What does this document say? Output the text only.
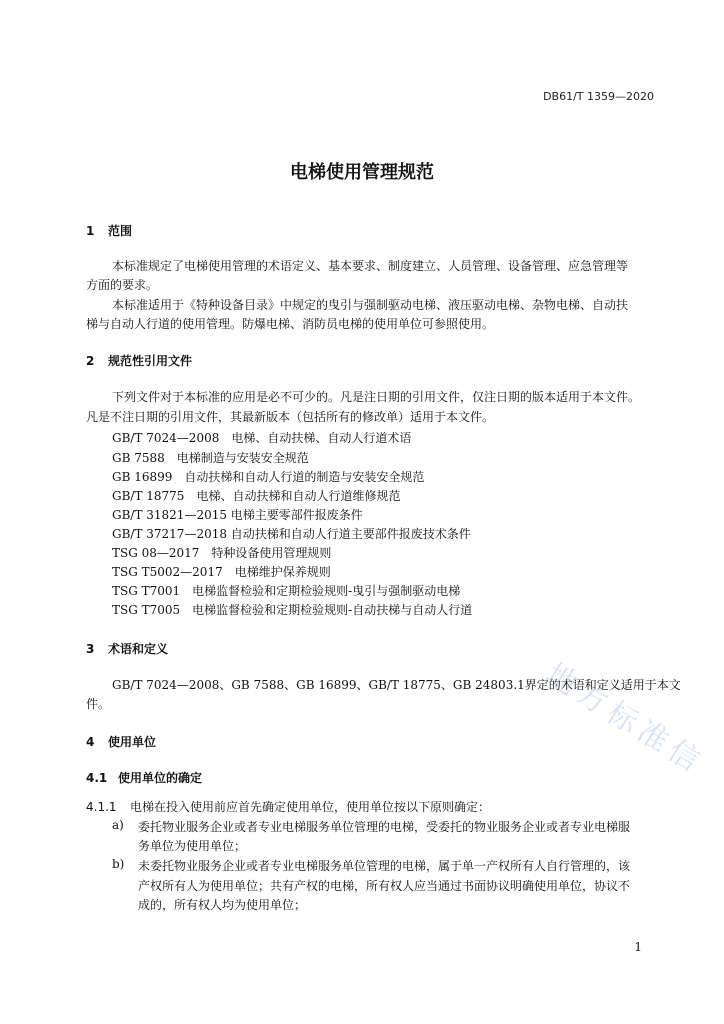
DB61/T 1359—2020
电梯使用管理规范
1 范围
本标准规定了电梯使用管理的术语定义、基本要求、制度建立、人员管理、设备管理、应急管理等
方面的要求。
本标准适用于《特种设备目录》中规定的曳引与强制驱动电梯、液压驱动电梯、杂物电梯、自动扶
梯与自动人行道的使用管理。防爆电梯、消防员电梯的使用单位可参照使用。
2 规范性引用文件
下列文件对于本标准的应用是必不可少的。凡是注日期的引用文件，仅注日期的版本适用于本文件。
凡是不注日期的引用文件，其最新版本（包括所有的修改单）适用于本文件。
GB/T 7024—2008　电梯、自动扶梯、自动人行道术语
GB 7588　电梯制造与安装安全规范
GB 16899　自动扶梯和自动人行道的制造与安装安全规范
GB/T 18775　电梯、自动扶梯和自动人行道维修规范
GB/T 31821—2015 电梯主要零部件报废条件
GB/T 37217—2018 自动扶梯和自动人行道主要部件报废技术条件
TSG 08—2017　特种设备使用管理规则
TSG T5002—2017　电梯维护保养规则
TSG T7001　电梯监督检验和定期检验规则-曳引与强制驱动电梯
TSG T7005　电梯监督检验和定期检验规则-自动扶梯与自动人行道
3 术语和定义
GB/T 7024—2008、GB 7588、GB 16899、GB/T 18775、GB 24803.1界定的术语和定义适用于本文
件。
4 使用单位
4.1 使用单位的确定
4.1.1 电梯在投入使用前应首先确定使用单位，使用单位按以下原则确定：
a) 委托物业服务企业或者专业电梯服务单位管理的电梯，受委托的物业服务企业或者专业电梯服
务单位为使用单位；
b) 未委托物业服务企业或者专业电梯服务单位管理的电梯，属于单一产权所有人自行管理的，该
产权所有人为使用单位；共有产权的电梯，所有权人应当通过书面协议明确使用单位，协议不
成的，所有权人均为使用单位；
地方标准信
1
